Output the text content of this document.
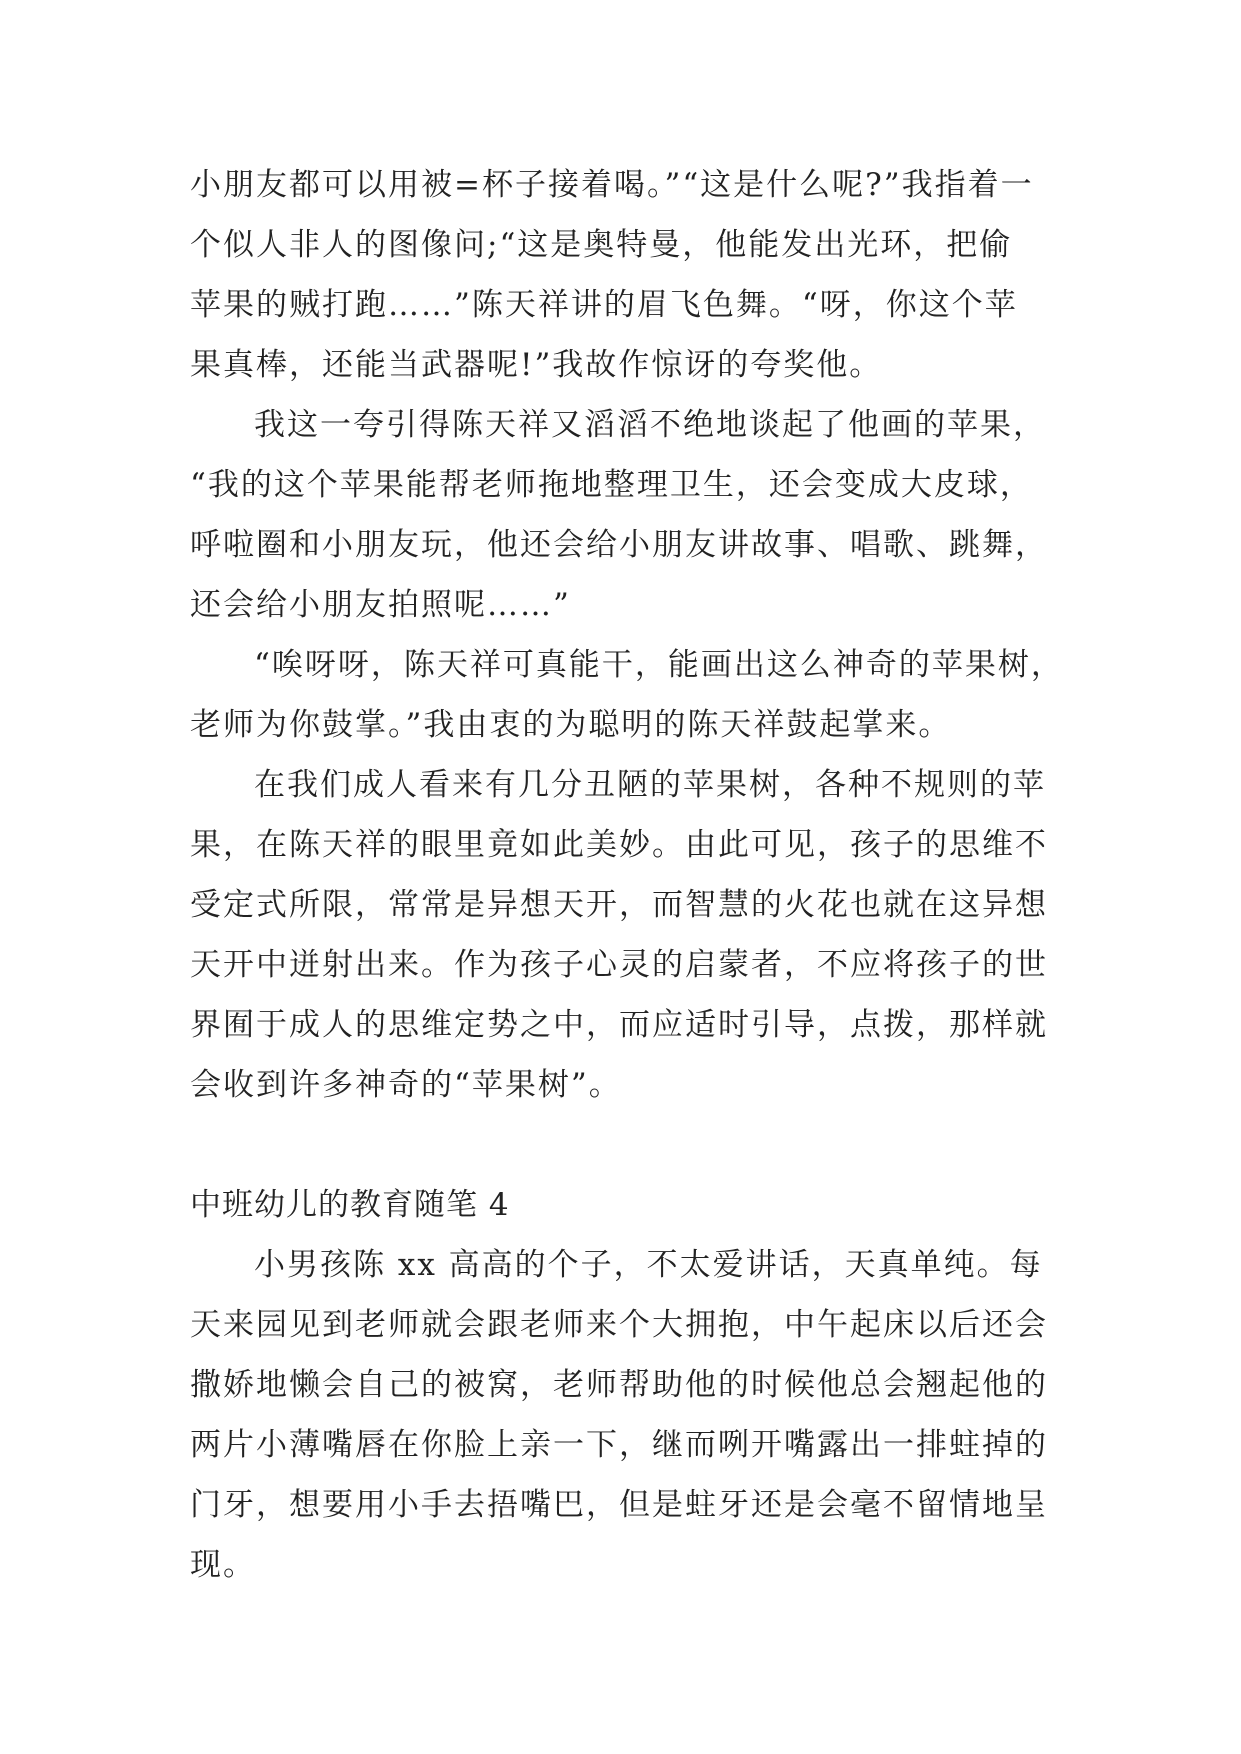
小朋友都可以用被=杯子接着喝。”“这是什么呢?”我指着一
个似人非人的图像问;“这是奥特曼，他能发出光环，把偷
苹果的贼打跑……”陈天祥讲的眉飞色舞。“呀，你这个苹
果真棒，还能当武器呢!”我故作惊讶的夸奖他。
我这一夸引得陈天祥又滔滔不绝地谈起了他画的苹果，
“我的这个苹果能帮老师拖地整理卫生，还会变成大皮球，
呼啦圈和小朋友玩，他还会给小朋友讲故事、唱歌、跳舞，
还会给小朋友拍照呢……”
“唉呀呀，陈天祥可真能干，能画出这么神奇的苹果树，
老师为你鼓掌。”我由衷的为聪明的陈天祥鼓起掌来。
在我们成人看来有几分丑陋的苹果树，各种不规则的苹
果，在陈天祥的眼里竟如此美妙。由此可见，孩子的思维不
受定式所限，常常是异想天开，而智慧的火花也就在这异想
天开中迸射出来。作为孩子心灵的启蒙者，不应将孩子的世
界囿于成人的思维定势之中，而应适时引导，点拨，那样就
会收到许多神奇的“苹果树”。
中班幼儿的教育随笔 4
小男孩陈 xx 高高的个子，不太爱讲话，天真单纯。每
天来园见到老师就会跟老师来个大拥抱，中午起床以后还会
撒娇地懒会自己的被窝，老师帮助他的时候他总会翘起他的
两片小薄嘴唇在你脸上亲一下，继而咧开嘴露出一排蛀掉的
门牙，想要用小手去捂嘴巴，但是蛀牙还是会毫不留情地呈
现。
